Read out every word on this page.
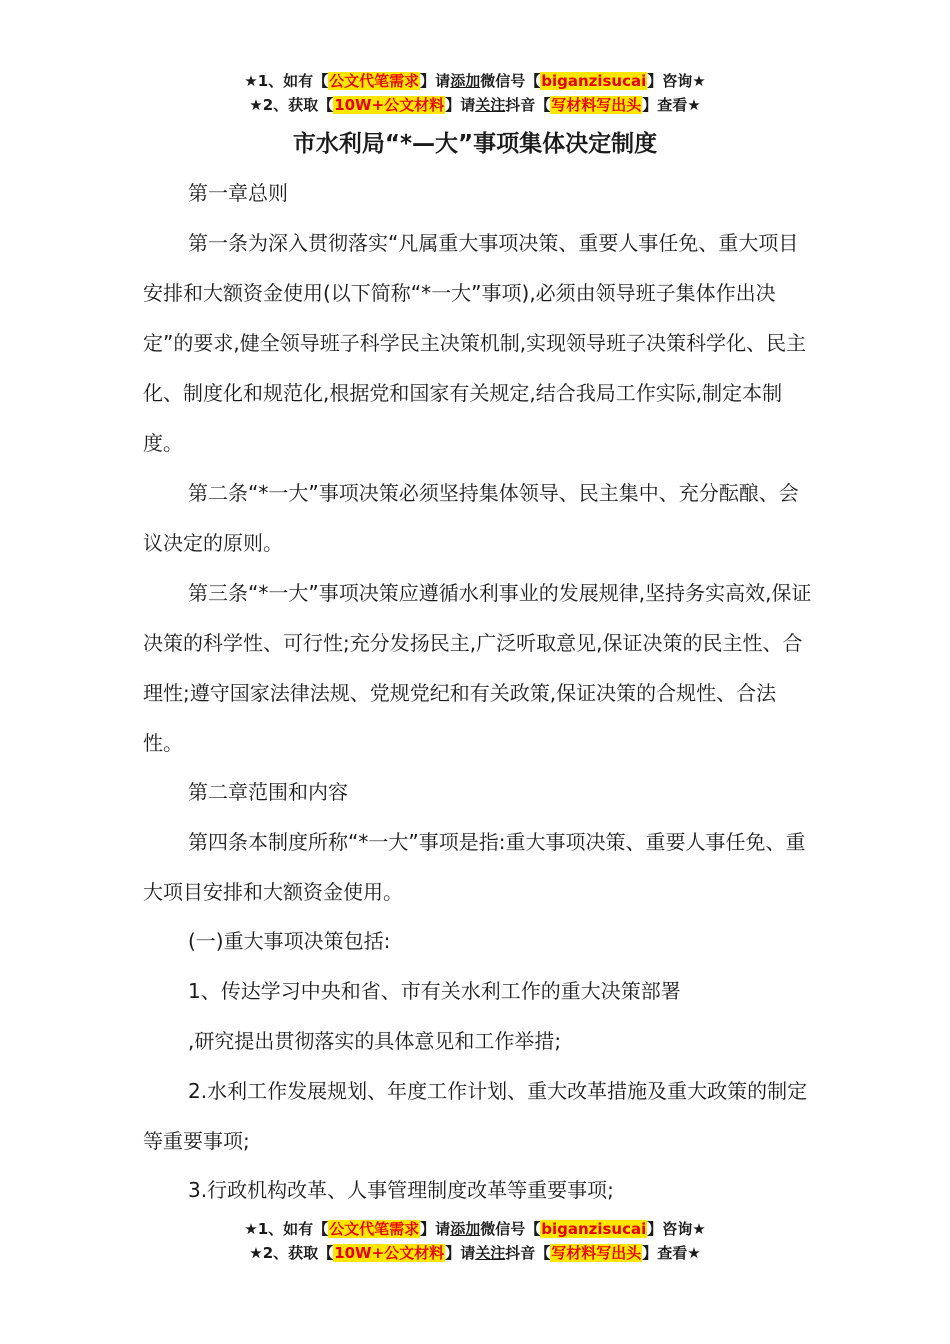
★1、如有【公文代笔需求】请添加微信号【biganzisucai】咨询★
★2、获取【10W+公文材料】请关注抖音【写材料写出头】查看★
市水利局“*—大”事项集体决定制度

第一章总则

第一条为深入贯彻落实“凡属重大事项决策、重要人事任免、重大项目安排和大额资金使用(以下简称“*一大”事项),必须由领导班子集体作出决定”的要求,健全领导班子科学民主决策机制,实现领导班子决策科学化、民主化、制度化和规范化,根据党和国家有关规定,结合我局工作实际,制定本制度。

第二条“*一大”事项决策必须坚持集体领导、民主集中、充分酝酿、会议决定的原则。

第三条“*一大”事项决策应遵循水利事业的发展规律,坚持务实高效,保证决策的科学性、可行性;充分发扬民主,广泛听取意见,保证决策的民主性、合理性;遵守国家法律法规、党规党纪和有关政策,保证决策的合规性、合法性。

第二章范围和内容

第四条本制度所称“*一大”事项是指:重大事项决策、重要人事任免、重大项目安排和大额资金使用。

(一)重大事项决策包括:

1、传达学习中央和省、市有关水利工作的重大决策部署

,研究提出贯彻落实的具体意见和工作举措;

2.水利工作发展规划、年度工作计划、重大改革措施及重大政策的制定等重要事项;

3.行政机构改革、人事管理制度改革等重要事项;

★1、如有【公文代笔需求】请添加微信号【biganzisucai】咨询★
★2、获取【10W+公文材料】请关注抖音【写材料写出头】查看★
